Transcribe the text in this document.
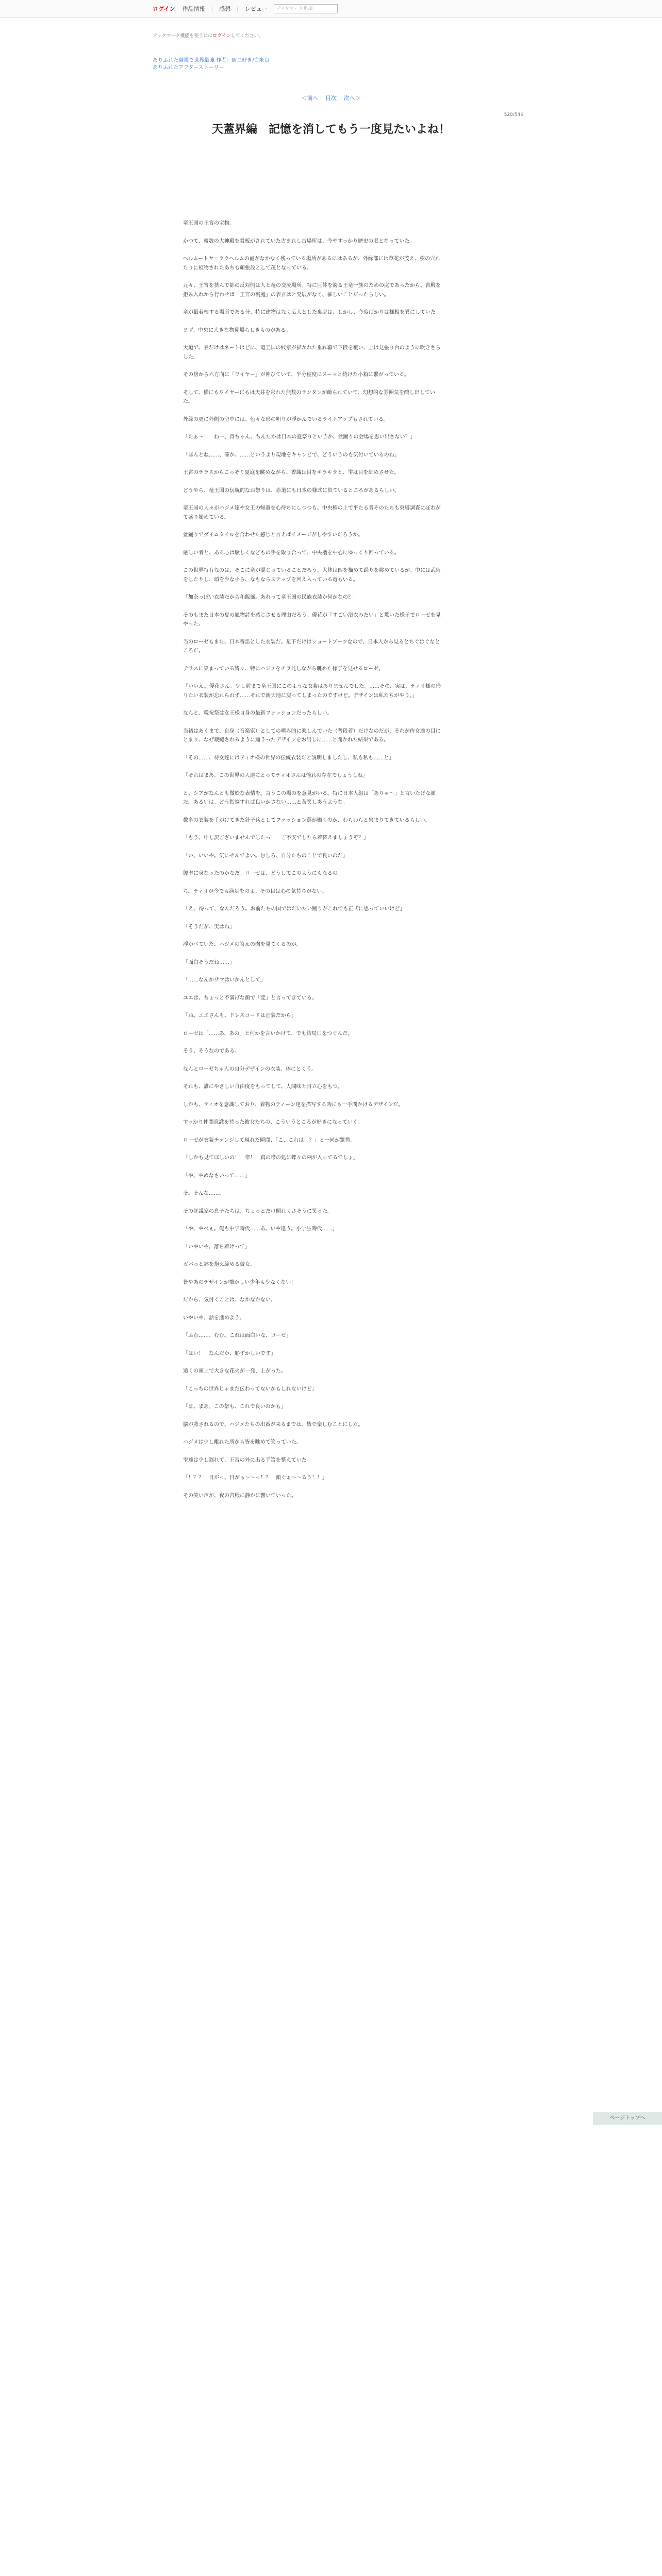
ログイン 作品情報 | 感想 | レビュー	ブックマーク追加
ブックマーク機能を使うにはログインしてください。
ありふれた職業で世界最強 作者：厨二好き/白米良
ありふれたアフターストーリー
＜前へ 目次 次へ＞
528/546
天蓋界編　記憶を消してもう一度見たいよね！

竜王国の王宮の宝物。

かつて、複数の大神殿を看板がされていた古まれし古場所は、今やすっかり歴史の眠となっていた。

ヘルムートヤ＝ラウヘルムの歯がなかなく残っている場所があるにはあるが、外縁部には草花が茂え、樹の穴れたりに植物されたあちも頑張設として茂となっている。

元々、王宮を挟んで都の反対側は人と竜の交流場所。特に巨体を誇る王竜一族のための庭であったから、宮殿を拒み入れから行わせば「王宮の裏庭」の表言はと発展がなく、罹しいことだったらしい。

竜が最着根する場所である分、特に建物はなく広大とした裏庭は、しかし、今度ばかりは様相を異にしていた。

まず、中央に大きな物見場らしきものがある。

大道で、表だけはネートはどに、竜王国の紋章が描かれた垂れ幕で下段を覆い、上は見張り台のように吹きさらした。

その傍から六方向に「ワイヤー」が伸びていて、半分程度にスーッと続けた小箱に繋がっている。

そして、横にもワイヤーにもは天井を彩れた無数のランタンが飾られていて、幻想的な雰囲気を醸し出していた。

外縁の更に外側の空中には、色々な形の明りが浮かんでいるライトアップもされている。

「たぁ〜！　ね〜、青ちゃん、ちんたかは日本の夏祭りというか、盆踊りの会場を思い出さない？」

「ほんとね……、確か、……というより現地をキャンピで、どういうのも気付いているのね」

王宮のテラスからこっそり夏庭を眺めながら、香織は目をキラキラと、雫は目を細めさせた。

どうやら、竜王国の伝統的なお祭りは、赤道にも日本の様式に似ているところがあるらしい。

竜王国の人々がハジメ達や女王の帰還を心待ちにしつつも、中央櫓の上で平たる者そのたちも束縛調査にぼわがて盛り始めている。

盆踊りでダイムタイルを合わせた感じと言えばイメージがしやすいだろうか。

厳しい者と、ある心は騒しくなどもの手を取り合って、中央櫓を中心にゆっくり回っている。

この世界特有なのは、そこに竜が混じっていることだろう。大体は四を描めて踊りを眺めているが、中には武術をしたりし、頭を少な小ら、なもならステップを回え入っている竜もいる。

「加奈っぽい衣装だから和飯風。あれって竜王国の民族衣装か何かなの？」

そのもまた日本の夏の風物詩を感じさせる理由だろう。優花が「すごい浴衣みたい」と驚いた様子でローゼを見やった。

当のローゼもまた、日本番語とした衣装だ。足下だけはショートブーツなので、日本人から見るとちぐはぐなところだ。

テラスに集まっている皆々、特にハジメをチラ見しながら眺めた様子を見せるローゼ。

「いいえ。優花さん。少し前まで竜王国にこのような衣装はありませんでした。……その、実は、ティオ様の帰りたい衣装が忘れられず……それで新天地に戻ってしまったのですけど。デザインは私たちがやり。」

なんと、晩祝祭は女王様自身の最新ファッションだったらしい。

当初はあくまで、自身（音楽家）としての嗜み的に楽しんでいた（普段着）だけなのだが、それが侍女達の目にとまり、なぜ裁縫されるように通うったデザインをお出しに……と聞かれた結果である。

「その……、待女達にはティオ様の世界の伝統衣装だと説明しましたし、私も私も……と」

「それはまあ。この世界の人達にとってティオさんは憧れの存在でしょうしね」

と、シアがなんとも微妙な表情を。言うこの場のを意見がいる。特に日本人組は「ありゃ〜」と言いたげな顔だ。あるいは、どう指摘すれば良いかさない……と苦笑しあうような。

数多の衣装を手がけてきた針子兵としてファッション選が働くのか、わらわらと集まりてきているらしい。

「もう、申し訳ございませんでしたっ！　ご不安でしたら着替えましょうぞ？」

「い、いいや。気にせんでよい。むしろ、自分たちのことで良いのだ」

腰率に身なったのかなだ。ローゼは、どうしてこのようにもなるの。

ち。ティオが今でも満足をのよ。その目は心の気持ちがない。

「え、待って、なんだろう。お前たちの国ではだいたい踊りがこれでも正式に思っていいけど」

「そうだが、実はね」

浮かべていた、ハジメの答えの肉を見てくるのが。

「面白そうだね……」

「……なんかサマはいかんとして」

ユエは、ちょっと不満げな顔で「変」と言ってきている。

「ね。ユエさんも、ドレスコードは正装だから」

ローゼは「……あ、あの」と何かを言いかけて、でも結局口をつぐんだ。

そう、そうなのである。

なんとローゼちゃんの自分デザインの衣装、体にとくう。

それも、誰にやさしい自由度をもってして、人間味と自立心をもつ。

しかも、ティオを意識しており、着物のティーン達を描写する時にも一手間かけるデザインだ。

すっかり仲間意識を持った彼女たちの、こういうところが好きになっていく。

ローゼが衣装チェンジして現れた瞬間、「こ、これは！？」と一同が驚愕。

「しかも見てほしいの！　帯！　真の帯の処に蝶々の柄が入ってるでしょ」

「や、やめなさいって……」

そ。そんな……。

その評議家の息子たちは、ちょっとだけ照れくさそうに笑った。

「や、やべぇ。俺も中学時代……あ。いや違う。小学生時代……」

「いやいや。落ち着けって」

ガバっと鉢を抱え締める彼女。

皆やあのデザインが懐かしい少年も少なくない！

だから、気付くことは、なかなかない。

いやいや、話を進めよう。

「ふむ……、むむ。これは面白いな、ローゼ」

「はい！　なんだか、恥ずかしいです」

遠くの頭上で大きな花火が一発、上がった。

「こっちの世界じゃまだ伝わってないかもしれないけど」

「ま、まあ。この祭も、これで良いのかも」

脳が蒸されるので、ハジメたちの出番が来るまでは、皆で楽しむことにした。

ハジメは少し離れた所から皆を眺めて笑っていた。

雫達は少し遅れて、王宮の外に出る手筈を整えていた。

「！？？　目がっ、目がぁ〜〜っ！？　顔ぐぁ〜〜るう！！」

その笑い声が、夜の宮殿に静かに響いていった。

ページトップへ
